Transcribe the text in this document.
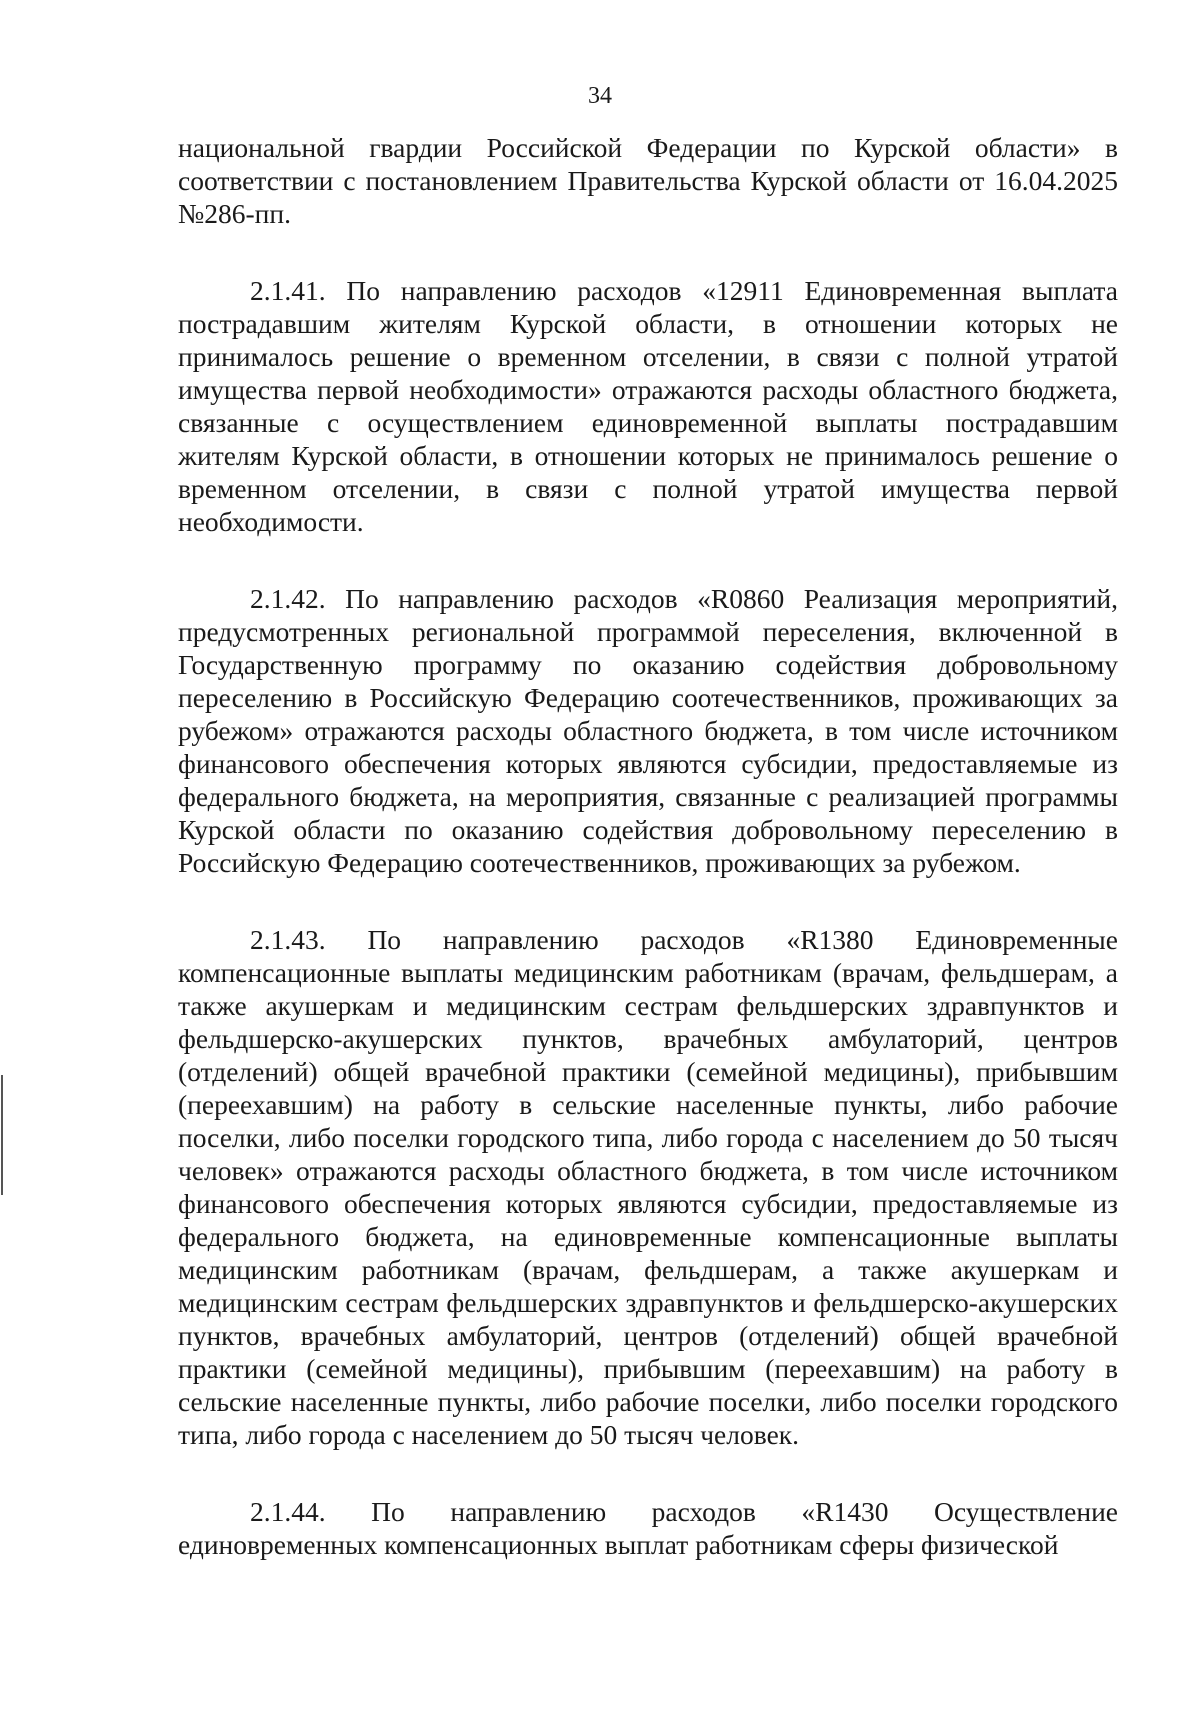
34

национальной гвардии Российской Федерации по Курской области» в соответствии с постановлением Правительства Курской области от 16.04.2025 №286-пп.

2.1.41. По направлению расходов «12911 Единовременная выплата пострадавшим жителям Курской области, в отношении которых не принималось решение о временном отселении, в связи с полной утратой имущества первой необходимости» отражаются расходы областного бюджета, связанные с осуществлением единовременной выплаты пострадавшим жителям Курской области, в отношении которых не принималось решение о временном отселении, в связи с полной утратой имущества первой необходимости.

2.1.42. По направлению расходов «R0860 Реализация мероприятий, предусмотренных региональной программой переселения, включенной в Государственную программу по оказанию содействия добровольному переселению в Российскую Федерацию соотечественников, проживающих за рубежом» отражаются расходы областного бюджета, в том числе источником финансового обеспечения которых являются субсидии, предоставляемые из федерального бюджета, на мероприятия, связанные с реализацией программы Курской области по оказанию содействия добровольному переселению в Российскую Федерацию соотечественников, проживающих за рубежом.

2.1.43. По направлению расходов «R1380 Единовременные компенсационные выплаты медицинским работникам (врачам, фельдшерам, а также акушеркам и медицинским сестрам фельдшерских здравпунктов и фельдшерско-акушерских пунктов, врачебных амбулаторий, центров (отделений) общей врачебной практики (семейной медицины), прибывшим (переехавшим) на работу в сельские населенные пункты, либо рабочие поселки, либо поселки городского типа, либо города с населением до 50 тысяч человек» отражаются расходы областного бюджета, в том числе источником финансового обеспечения которых являются субсидии, предоставляемые из федерального бюджета, на единовременные компенсационные выплаты медицинским работникам (врачам, фельдшерам, а также акушеркам и медицинским сестрам фельдшерских здравпунктов и фельдшерско-акушерских пунктов, врачебных амбулаторий, центров (отделений) общей врачебной практики (семейной медицины), прибывшим (переехавшим) на работу в сельские населенные пункты, либо рабочие поселки, либо поселки городского типа, либо города с населением до 50 тысяч человек.

2.1.44. По направлению расходов «R1430 Осуществление единовременных компенсационных выплат работникам сферы физической
